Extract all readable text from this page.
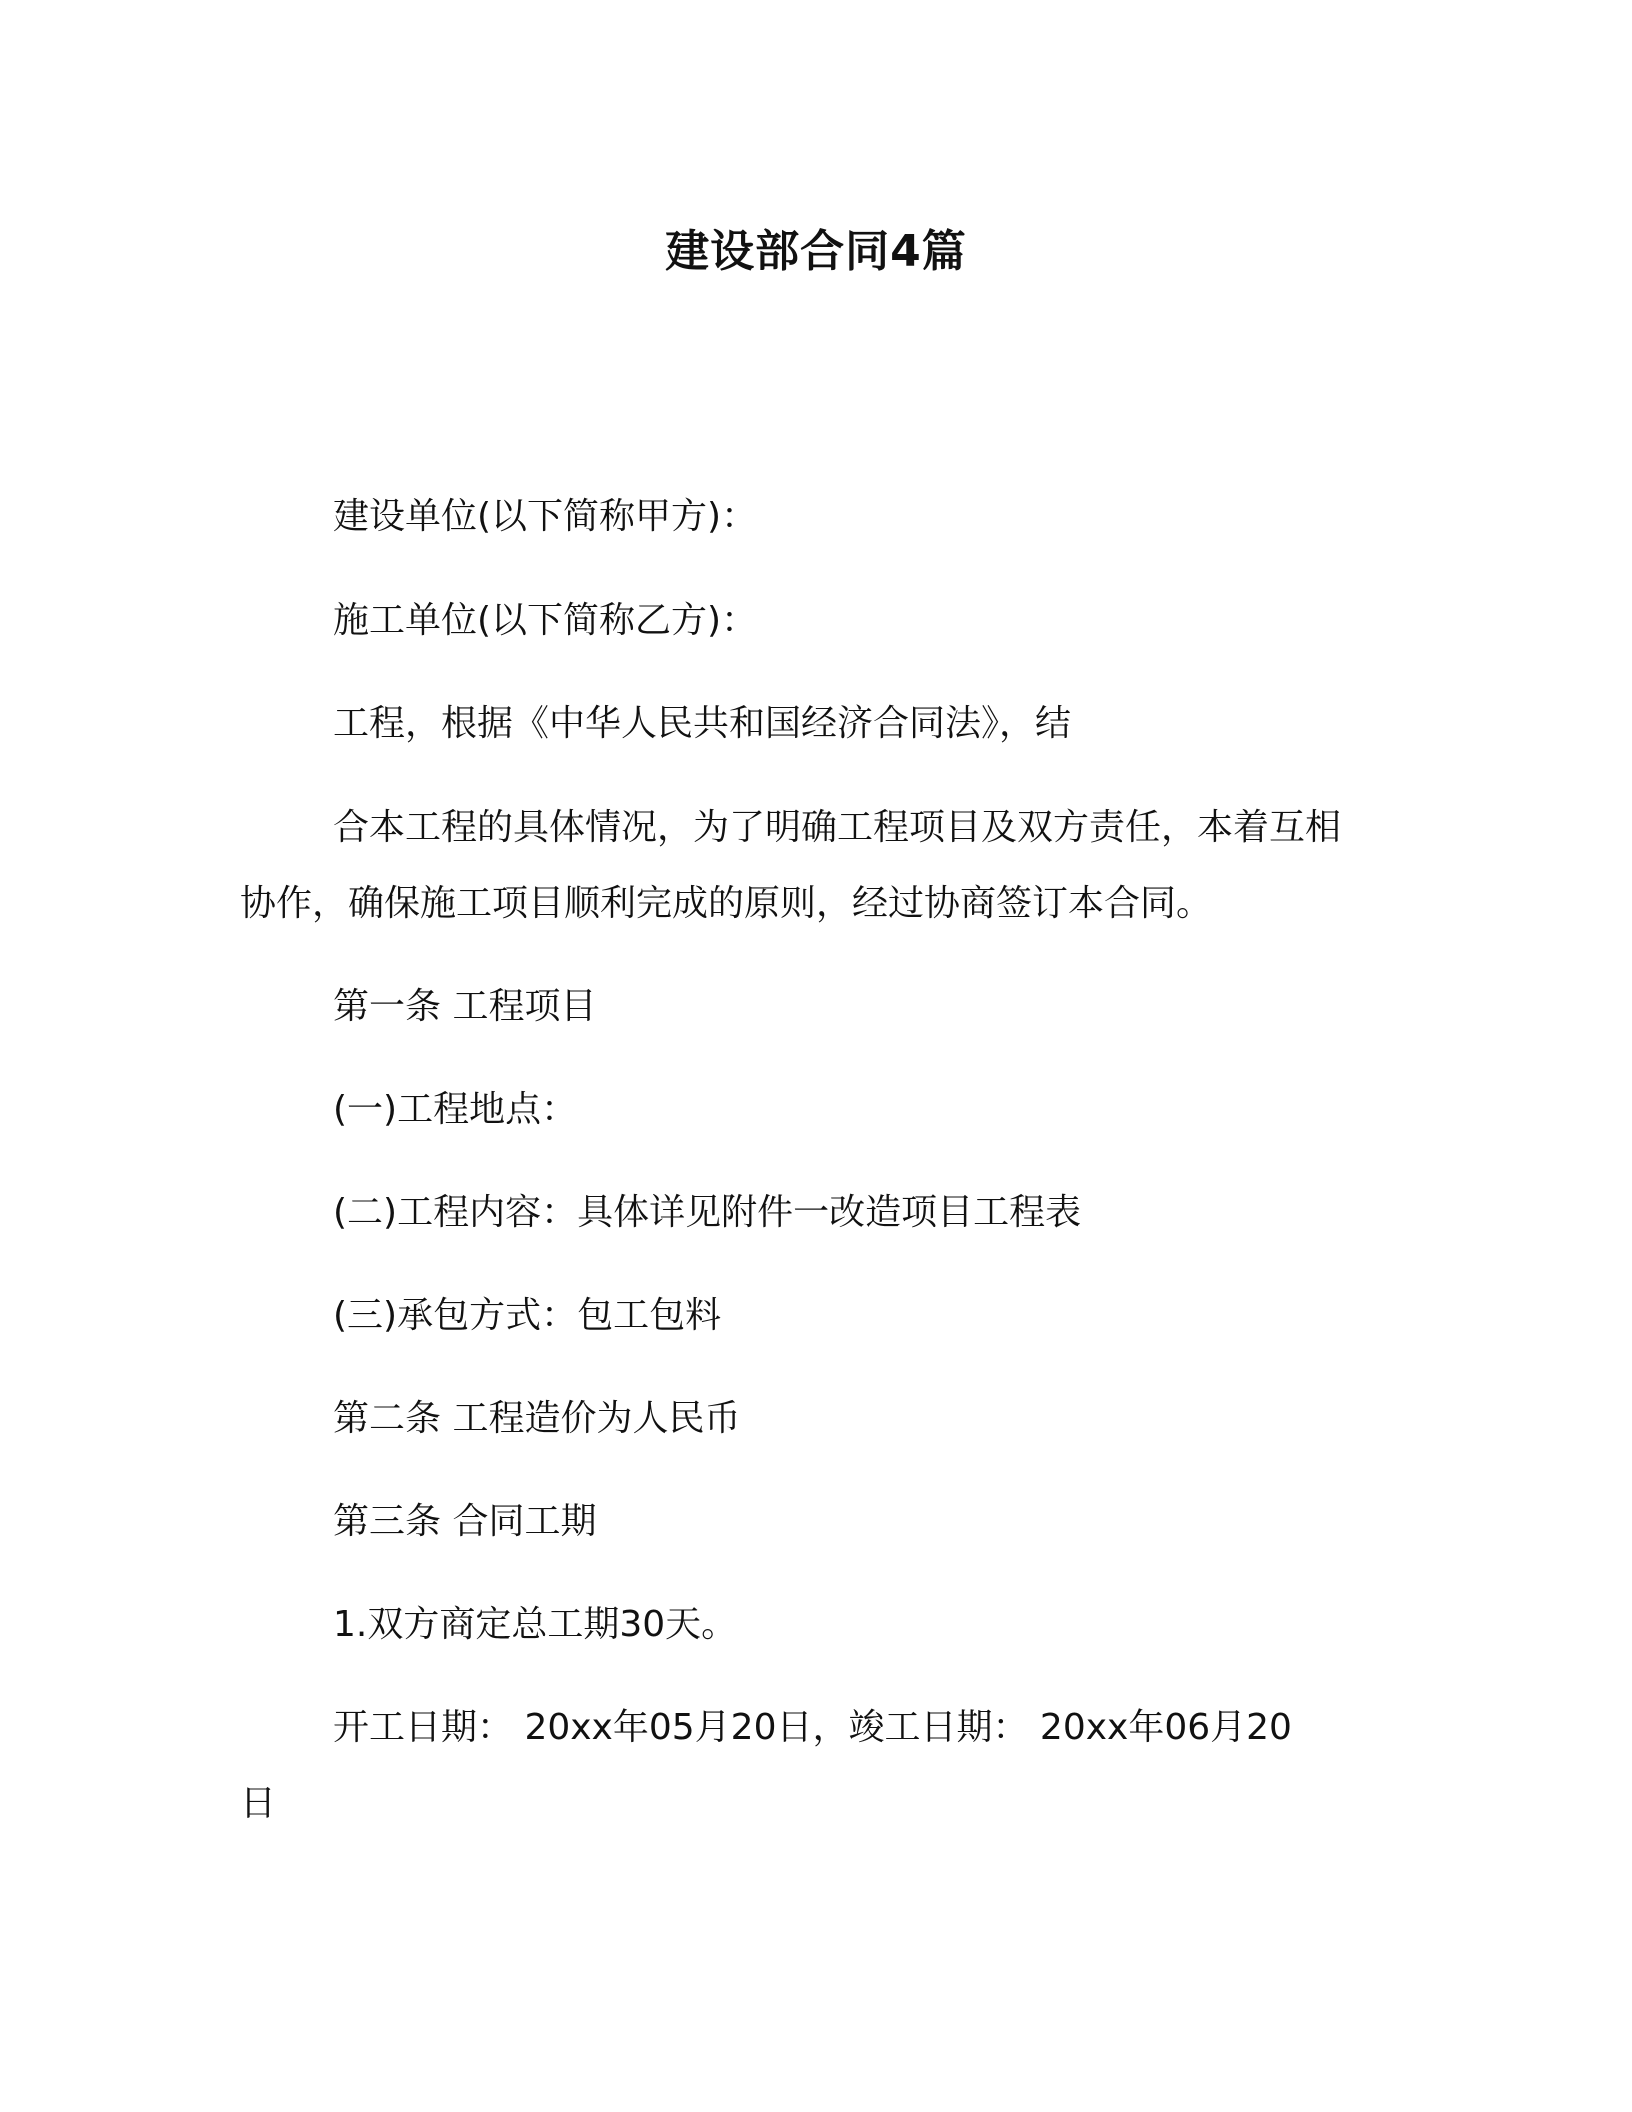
建设部合同4篇

建设单位(以下简称甲方)：

施工单位(以下简称乙方)：

工程，根据《中华人民共和国经济合同法》，结

合本工程的具体情况，为了明确工程项目及双方责任，本着互相

协作，确保施工项目顺利完成的原则，经过协商签订本合同。

第一条 工程项目

(一)工程地点：

(二)工程内容：具体详见附件一改造项目工程表

(三)承包方式：包工包料

第二条 工程造价为人民币

第三条 合同工期

1.双方商定总工期30天。

开工日期： 20xx年05月20日，竣工日期： 20xx年06月20

日
